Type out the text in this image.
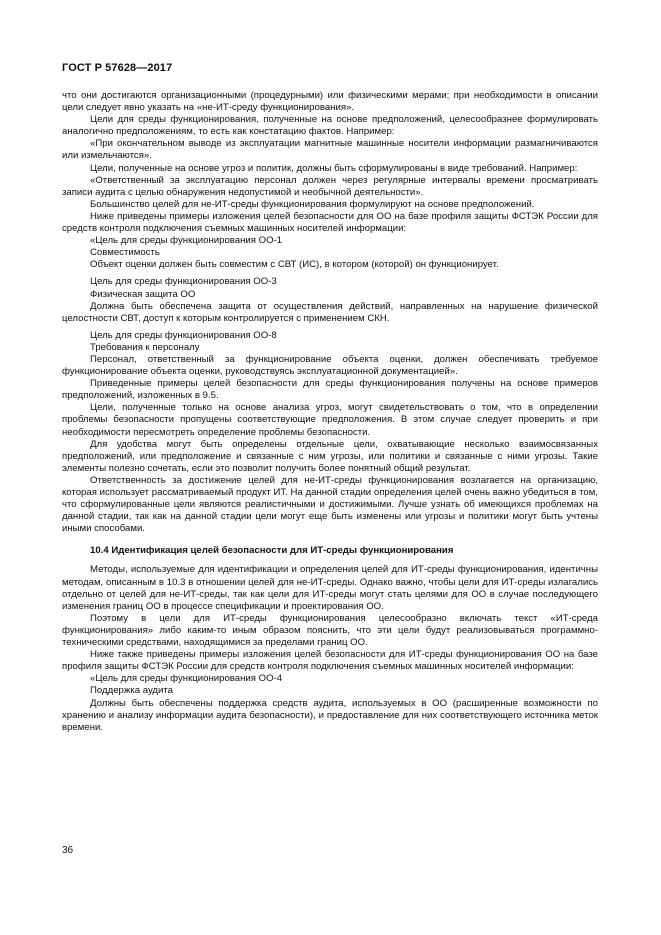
ГОСТ Р 57628—2017

что они достигаются организационными (процедурными) или физическими мерами; при необходимости в описании цели следует явно указать на «не-ИТ-среду функционирования».

Цели для среды функционирования, полученные на основе предположений, целесообразнее формулировать аналогично предположениям, то есть как констатацию фактов. Например:

«При окончательном выводе из эксплуатации магнитные машинные носители информации размагничиваются или измельчаются».

Цели, полученные на основе угроз и политик, должны быть сформулированы в виде требований. Например:

«Ответственный за эксплуатацию персонал должен через регулярные интервалы времени просматривать записи аудита с целью обнаружения недопустимой и необычной деятельности».

Большинство целей для не-ИТ-среды функционирования формулируют на основе предположений.

Ниже приведены примеры изложения целей безопасности для ОО на базе профиля защиты ФСТЭК России для средств контроля подключения съемных машинных носителей информации:

«Цель для среды функционирования ОО-1

Совместимость

Объект оценки должен быть совместим с СВТ (ИС), в котором (которой) он функционирует.

Цель для среды функционирования ОО-3

Физическая защита ОО

Должна быть обеспечена защита от осуществления действий, направленных на нарушение физической целостности СВТ, доступ к которым контролируется с применением СКН.

Цель для среды функционирования ОО-8

Требования к персоналу

Персонал, ответственный за функционирование объекта оценки, должен обеспечивать требуемое функционирование объекта оценки, руководствуясь эксплуатационной документацией».

Приведенные примеры целей безопасности для среды функционирования получены на основе примеров предположений, изложенных в 9.5.

Цели, полученные только на основе анализа угроз, могут свидетельствовать о том, что в определении проблемы безопасности пропущены соответствующие предположения. В этом случае следует проверить и при необходимости пересмотреть определение проблемы безопасности.

Для удобства могут быть определены отдельные цели, охватывающие несколько взаимосвязанных предположений, или предположение и связанные с ним угрозы, или политики и связанные с ними угрозы. Такие элементы полезно сочетать, если это позволит получить более понятный общий результат.

Ответственность за достижение целей для не-ИТ-среды функционирования возлагается на организацию, которая использует рассматриваемый продукт ИТ. На данной стадии определения целей очень важно убедиться в том, что сформулированные цели являются реалистичными и достижимыми. Лучше узнать об имеющихся проблемах на данной стадии, так как на данной стадии цели могут еще быть изменены или угрозы и политики могут быть учтены иными способами.

10.4 Идентификация целей безопасности для ИТ-среды функционирования

Методы, используемые для идентификации и определения целей для ИТ-среды функционирования, идентичны методам, описанным в 10.3 в отношении целей для не-ИТ-среды. Однако важно, чтобы цели для ИТ-среды излагались отдельно от целей для не-ИТ-среды, так как цели для ИТ-среды могут стать целями для ОО в случае последующего изменения границ ОО в процессе спецификации и проектирования ОО.

Поэтому в цели для ИТ-среды функционирования целесообразно включать текст «ИТ-среда функционирования» либо каким-то иным образом пояснить, что эти цели будут реализовываться программно-техническими средствами, находящимися за пределами границ ОО.

Ниже также приведены примеры изложения целей безопасности для ИТ-среды функционирования ОО на базе профиля защиты ФСТЭК России для средств контроля подключения съемных машинных носителей информации:

«Цель для среды функционирования ОО-4

Поддержка аудита

Должны быть обеспечены поддержка средств аудита, используемых в ОО (расширенные возможности по хранению и анализу информации аудита безопасности), и предоставление для них соответствующего источника меток времени.

36
